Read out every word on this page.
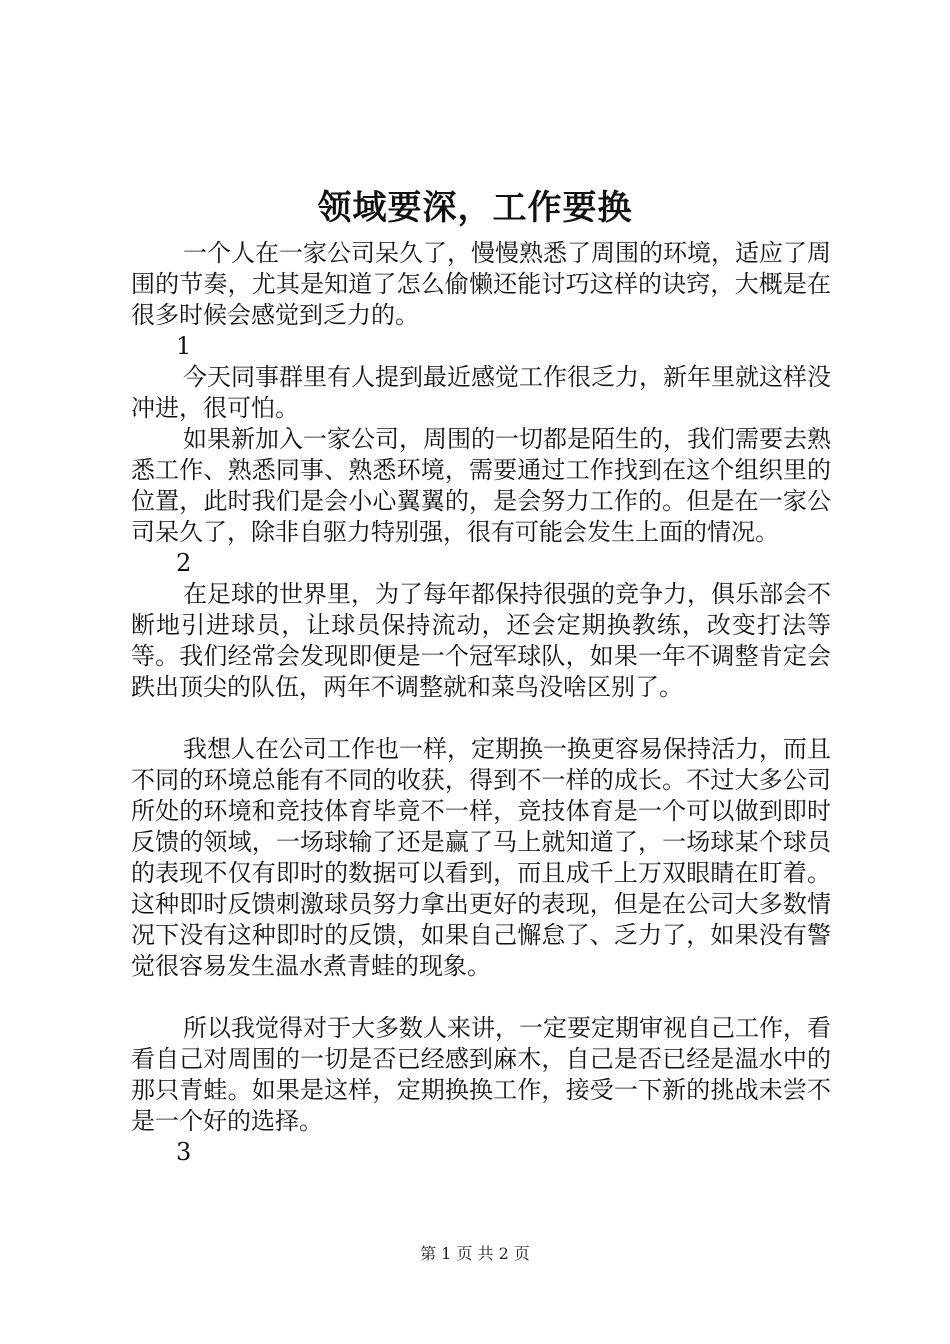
领域要深，工作要换

一个人在一家公司呆久了，慢慢熟悉了周围的环境，适应了周围的节奏，尤其是知道了怎么偷懒还能讨巧这样的诀窍，大概是在很多时候会感觉到乏力的。

1

今天同事群里有人提到最近感觉工作很乏力，新年里就这样没冲进，很可怕。

如果新加入一家公司，周围的一切都是陌生的，我们需要去熟悉工作、熟悉同事、熟悉环境，需要通过工作找到在这个组织里的位置，此时我们是会小心翼翼的，是会努力工作的。但是在一家公司呆久了，除非自驱力特别强，很有可能会发生上面的情况。

2

在足球的世界里，为了每年都保持很强的竞争力，俱乐部会不断地引进球员，让球员保持流动，还会定期换教练，改变打法等等。我们经常会发现即便是一个冠军球队，如果一年不调整肯定会跌出顶尖的队伍，两年不调整就和菜鸟没啥区别了。

我想人在公司工作也一样，定期换一换更容易保持活力，而且不同的环境总能有不同的收获，得到不一样的成长。不过大多公司所处的环境和竞技体育毕竟不一样，竞技体育是一个可以做到即时反馈的领域，一场球输了还是赢了马上就知道了，一场球某个球员的表现不仅有即时的数据可以看到，而且成千上万双眼睛在盯着。这种即时反馈刺激球员努力拿出更好的表现，但是在公司大多数情况下没有这种即时的反馈，如果自己懈怠了、乏力了，如果没有警觉很容易发生温水煮青蛙的现象。

所以我觉得对于大多数人来讲，一定要定期审视自己工作，看看自己对周围的一切是否已经感到麻木，自己是否已经是温水中的那只青蛙。如果是这样，定期换换工作，接受一下新的挑战未尝不是一个好的选择。

3

第 1 页 共 2 页
